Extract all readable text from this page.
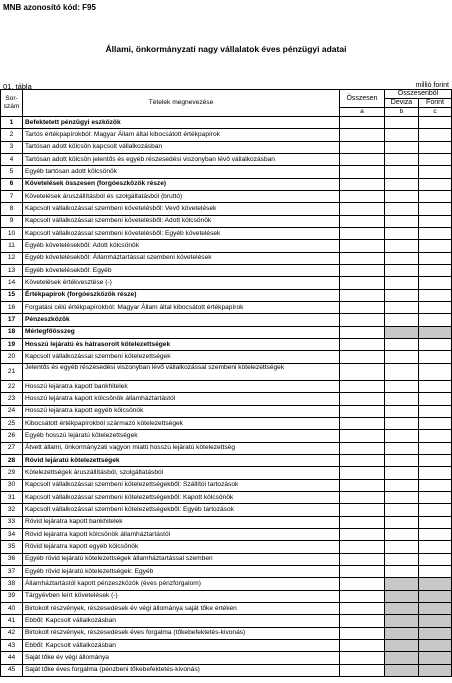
MNB azonosító kód: F95
Állami, önkormányzati nagy vállalatok éves pénzügyi adatai
01. tábla	millió forint
Sor-
szám	Tételek megnevezése	Összesen	Összesenből	
			Deviza	Forint
		a	b	c
1	Befektetett pénzügyi eszközök			
2	Tartós értékpapírokból: Magyar Állam által kibocsátott értékpapírok			
3	Tartósan adott kölcsön kapcsolt vállalkozásban			
4	Tartósan adott kölcsön jelentős és egyéb részesedési viszonyban lévő vállalkozásban			
5	Egyéb tartósan adott kölcsönök			
6	Követelések összesen (forgóeszközök része)			
7	Követelések áruszállításból és szolgáltatásból (bruttó)			
8	Kapcsolt vállalkozással szembeni követelésből: Vevő követelések			
9	Kapcsolt vállalkozással szembeni követelésből: Adott kölcsönök			
10	Kapcsolt vállalkozással szembeni követelésből: Egyéb követelések			
11	Egyéb követelésekből: Adott kölcsönök			
12	Egyéb követelésekből: Államháztartással szembeni követelések			
13	Egyéb követelésekből: Egyéb			
14	Követelések értékvesztése (-)			
15	Értékpapírok (forgóeszközök része)			
16	Forgatási célú értékpapírokból: Magyar Állam által kibocsátott értékpapírok			
17	Pénzeszközök			
18	Mérlegfőösszeg			
19	Hosszú lejáratú és hátrasorolt kötelezettségek			
20	Kapcsolt vállalkozással szembeni kötelezettségek			
21	Jelentős és egyéb részesedési viszonyban lévő vállalkozással szembeni kötelezettségek			
22	Hosszú lejáratra kapott bankhitelek			
23	Hosszú lejáratra kapott kölcsönök államháztartástól			
24	Hosszú lejáratra kapott egyéb kölcsönök			
25	Kibocsátott értékpapírokból származó kötelezettségek			
26	Egyéb hosszú lejáratú kötelezettségek			
27	Átvett állami, önkormányzati vagyon miatti hosszú lejáratú kötelezettség			
28	Rövid lejáratú kötelezettségek			
29	Kötelezettségek áruszállításból, szolgáltatásból			
30	Kapcsolt vállalkozással szembeni kötelezettségekből: Szállítói tartozások			
31	Kapcsolt vállalkozással szembeni kötelezettségekből: Kapott kölcsönök			
32	Kapcsolt vállalkozással szembeni kötelezettségekből: Egyéb tartozások			
33	Rövid lejáratra kapott bankhitelek			
34	Rövid lejáratra kapott kölcsönök államháztartástól			
35	Rövid lejáratra kapott egyéb kölcsönök			
36	Egyéb rövid lejáratú kötelezettségek államháztartással szemben			
37	Egyéb rövid lejáratú kötelezettségek: Egyéb			
38	Államháztartástól kapott pénzeszközök (éves pénzforgalom)			
39	Tárgyévben leírt követelések (-)			
40	Birtokolt részvények, részesedések év végi állománya saját tőke értéken			
41	Ebből: Kapcsolt vállalkozásban			
42	Birtokolt részvények, részesedések éves forgalma (tőkebefektetés-kivonás)			
43	Ebből: Kapcsolt vállalkozásban			
44	Saját tőke év végi állománya			
45	Saját tőke éves forgalma (pénzbeni tőkebefektetés-kivonás)			
